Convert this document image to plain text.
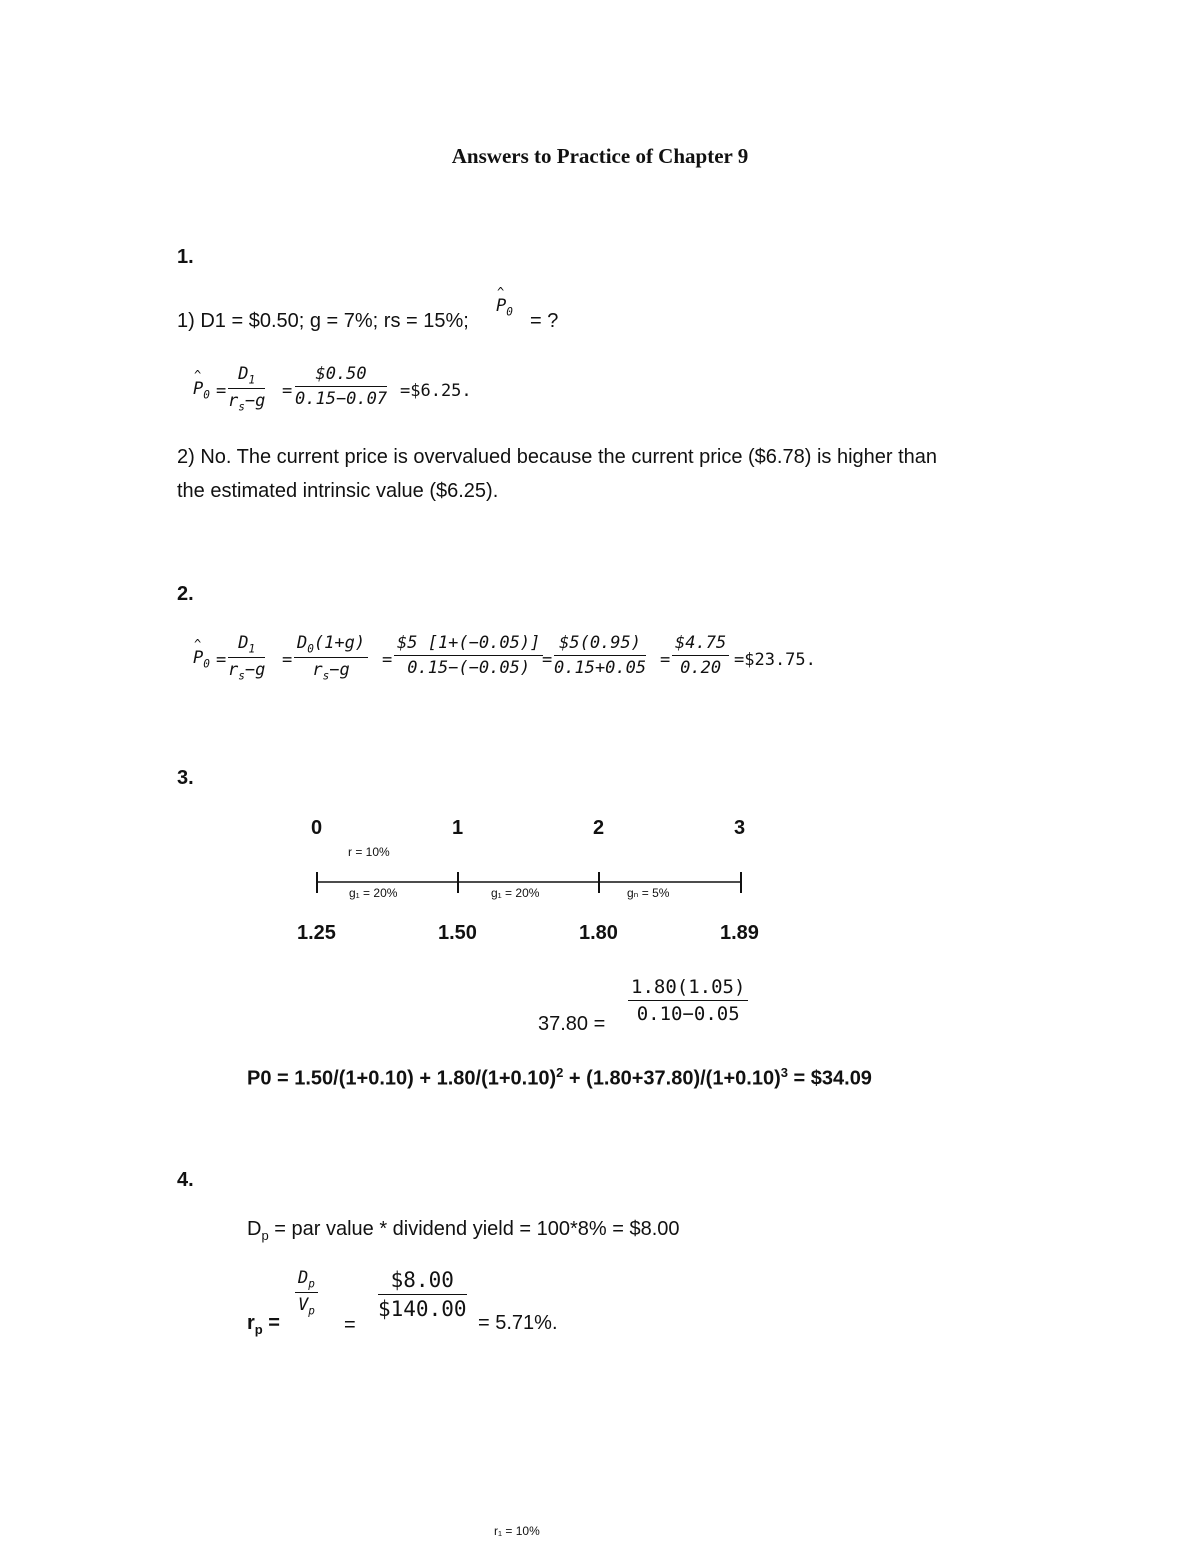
Answers to Practice of Chapter 9
1.
1) D1 = $0.50; g = 7%; rs = 15%;
^ $P_0$ = ?
^ $P_0 = \frac{D_1}{r_s-g} = \frac{\$0.50}{0.15-0.07}$ =$6.25.
2) No. The current price is overvalued because the current price ($6.78) is higher than
the estimated intrinsic value ($6.25).
2.
^ $P_0 = \frac{D_1}{r_s-g} = \frac{D_0(1+g)}{r_s-g} = \frac{\$5 [1+(-0.05)]}{0.15-(-0.05)}$
= $\frac{\$5(0.95)}{0.15+0.05} = \frac{\$4.75}{0.20}$ =$23.75.
3.
0	1	2	3
r = 10%
g₁ = 20%	g₁ = 20%	gₙ = 5%
1.25	1.50	1.80	1.89
$37.80 = \frac{1.80(1.05)}{0.10-0.05}$
$P0 = 1.50/(1+0.10) + 1.80/(1+0.10)^2 + (1.80+37.80)/(1+0.10)^3$ = $34.09
4.
$D_p$ = par value * dividend yield = 100*8% = $8.00
$r_p$ =
$\frac{D_p}{V_p}$
=
$\frac{\$8.00}{\$140.00}$
= 5.71%.
r₁ = 10%
